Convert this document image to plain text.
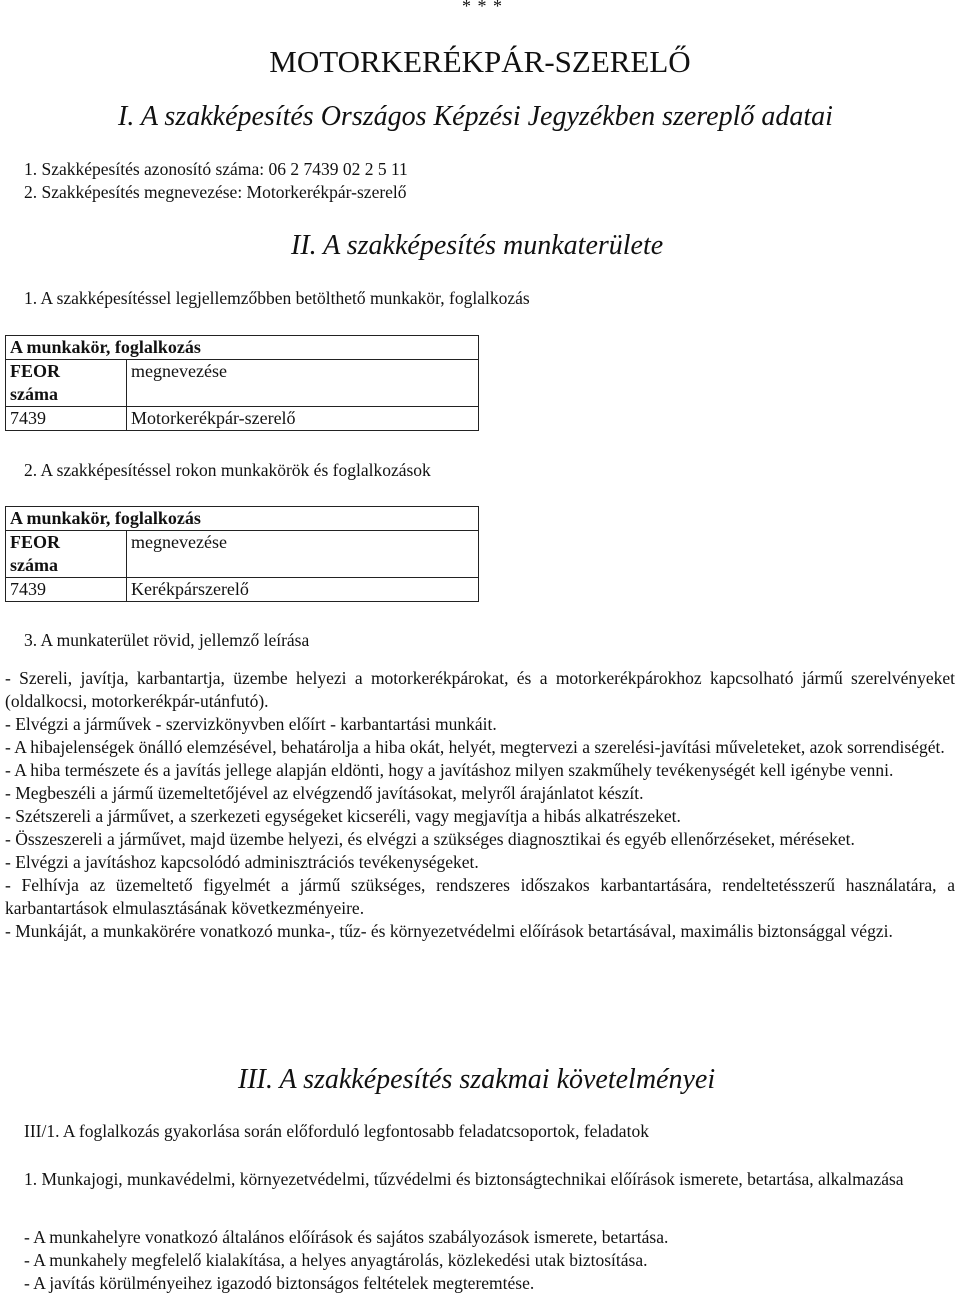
* * *
MOTORKERÉKPÁR-SZERELŐ
I. A szakképesítés Országos Képzési Jegyzékben szereplő adatai
1. Szakképesítés azonosító száma: 06 2 7439 02 2 5 11
2. Szakképesítés megnevezése: Motorkerékpár-szerelő
II. A szakképesítés munkaterülete
1. A szakképesítéssel legjellemzőbben betölthető munkakör, foglalkozás
A munkakör, foglalkozás	
FEOR
száma	megnevezése
7439	Motorkerékpár-szerelő
2. A szakképesítéssel rokon munkakörök és foglalkozások
A munkakör, foglalkozás	
FEOR
száma	megnevezése
7439	Kerékpárszerelő
3. A munkaterület rövid, jellemző leírása

- Szereli, javítja, karbantartja, üzembe helyezi a motorkerékpárokat, és a motorkerékpárokhoz kapcsolható jármű szerelvényeket (oldalkocsi, motorkerékpár-utánfutó).

- Elvégzi a járművek - szervizkönyvben előírt - karbantartási munkáit.

- A hibajelenségek önálló elemzésével, behatárolja a hiba okát, helyét, megtervezi a szerelési-javítási műveleteket, azok sorrendiségét.

- A hiba természete és a javítás jellege alapján eldönti, hogy a javításhoz milyen szakműhely tevékenységét kell igénybe venni.

- Megbeszéli a jármű üzemeltetőjével az elvégzendő javításokat, melyről árajánlatot készít.

- Szétszereli a járművet, a szerkezeti egységeket kicseréli, vagy megjavítja a hibás alkatrészeket.

- Összeszereli a járművet, majd üzembe helyezi, és elvégzi a szükséges diagnosztikai és egyéb ellenőrzéseket, méréseket.

- Elvégzi a javításhoz kapcsolódó adminisztrációs tevékenységeket.

- Felhívja az üzemeltető figyelmét a jármű szükséges, rendszeres időszakos karbantartására, rendeltetésszerű használatára, a karbantartások elmulasztásának következményeire.

- Munkáját, a munkakörére vonatkozó munka-, tűz- és környezetvédelmi előírások betartásával, maximális biztonsággal végzi.

III. A szakképesítés szakmai követelményei
III/1. A foglalkozás gyakorlása során előforduló legfontosabb feladatcsoportok, feladatok

1. Munkajogi, munkavédelmi, környezetvédelmi, tűzvédelmi és biztonságtechnikai előírások ismerete, betartása, alkalmazása

- A munkahelyre vonatkozó általános előírások és sajátos szabályozások ismerete, betartása.

- A munkahely megfelelő kialakítása, a helyes anyagtárolás, közlekedési utak biztosítása.

- A javítás körülményeihez igazodó biztonságos feltételek megteremtése.
